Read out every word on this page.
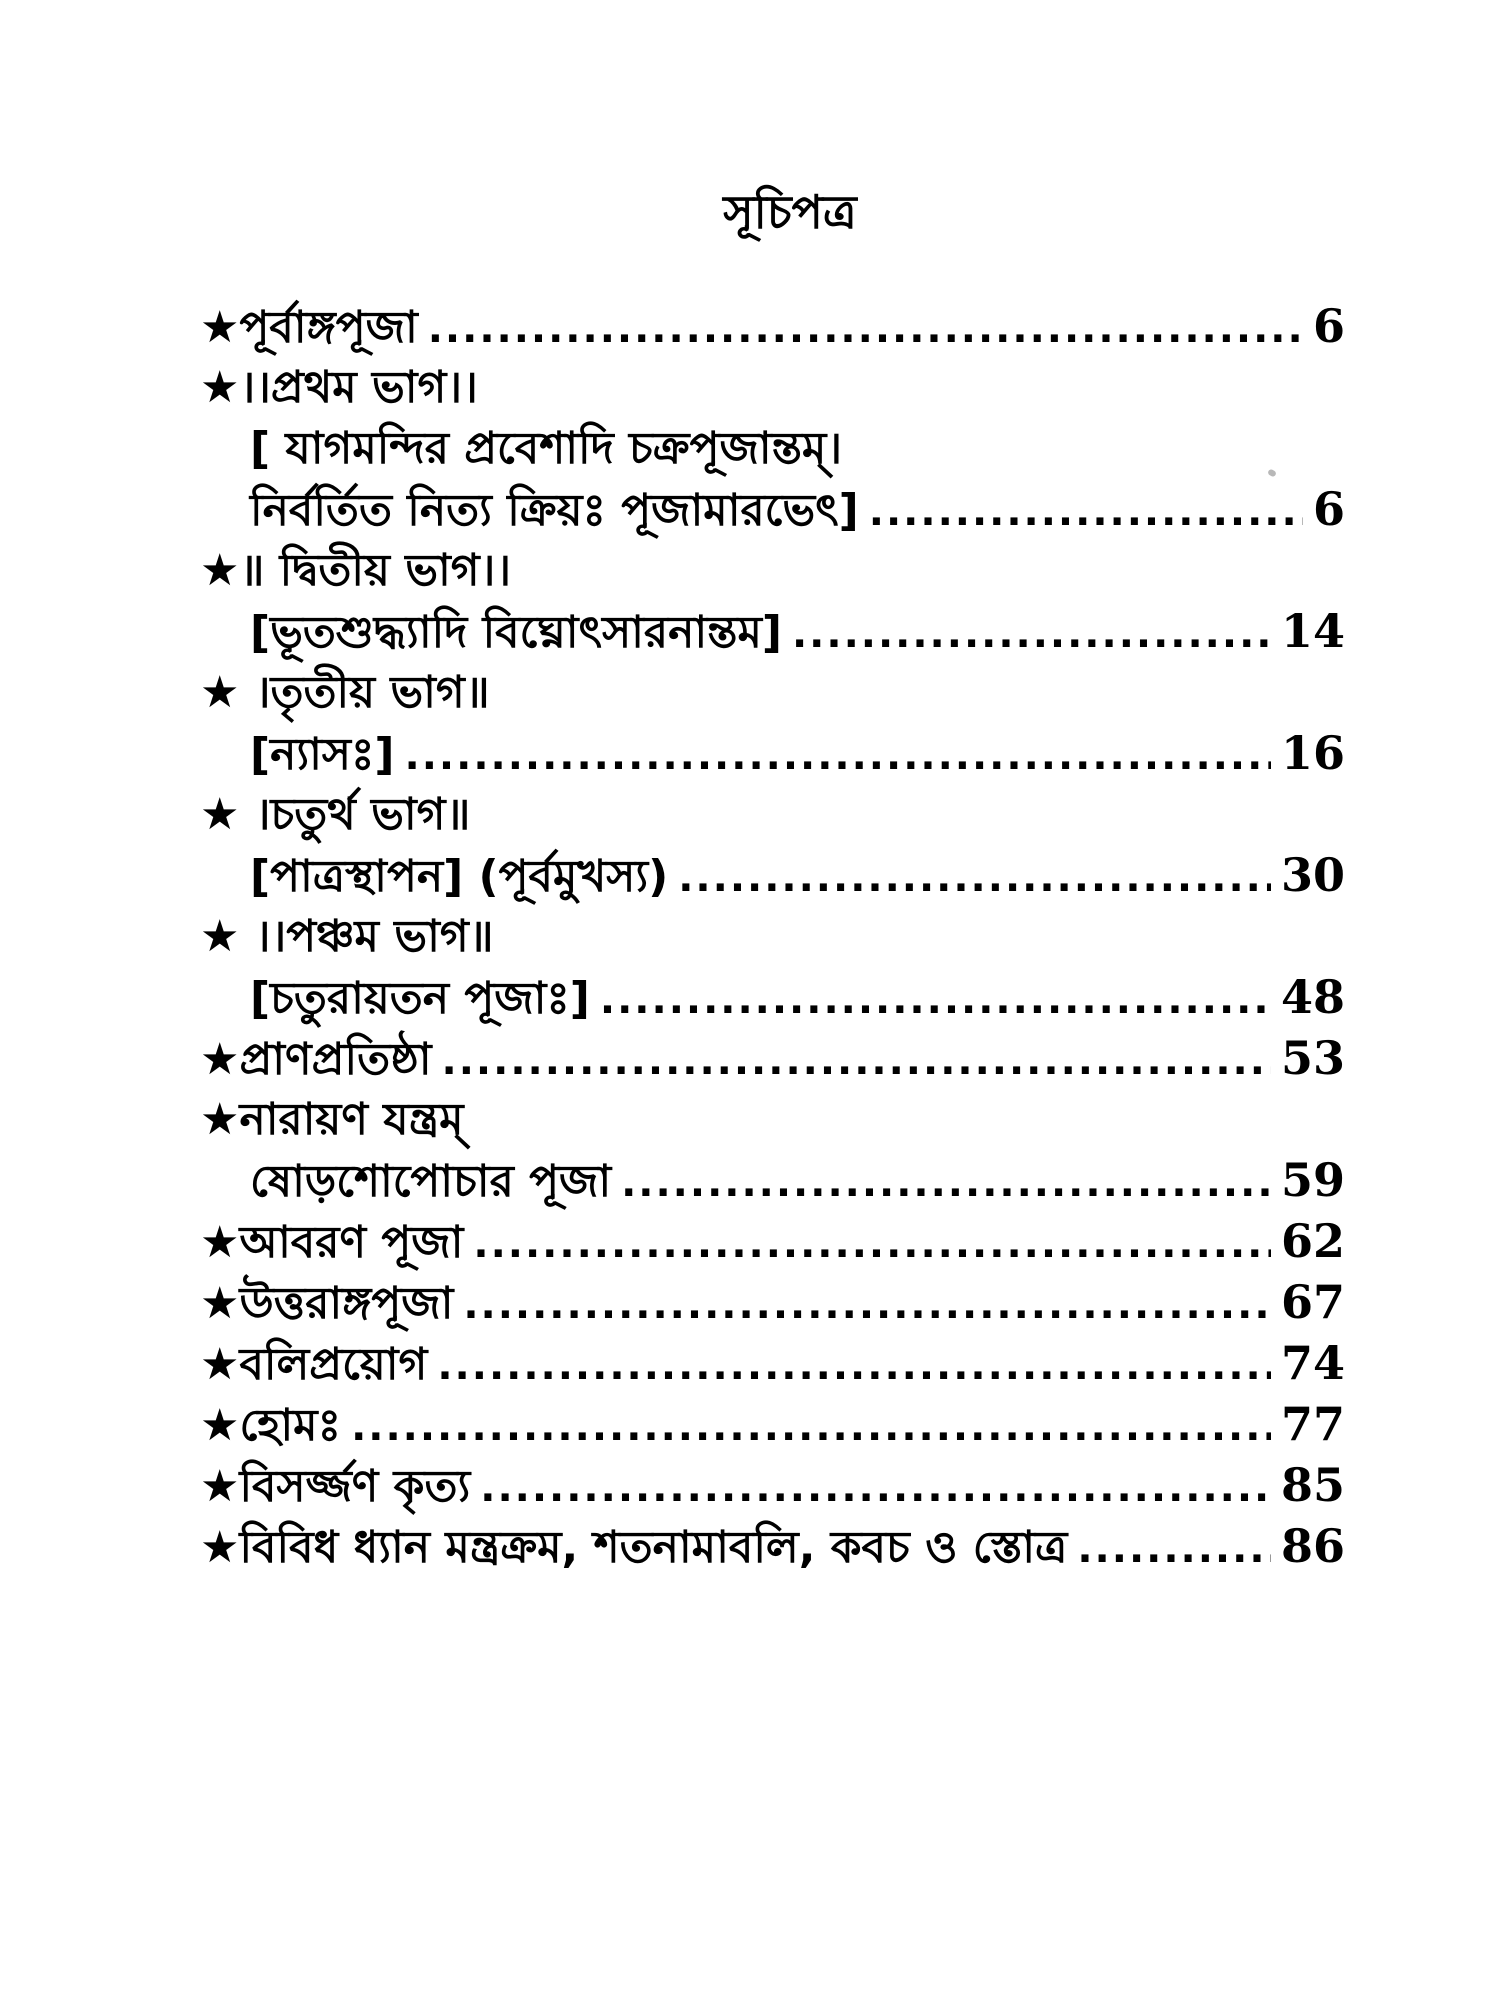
সূচিপত্র
★পূর্বাঙ্গপূজা .....	6
★।।প্রথম ভাগ।।
[ যাগমন্দির প্রবেশাদি চক্রপূজান্তম্।
নির্বর্তিত নিত্য ক্রিয়ঃ পূজামারভেৎ] .....	6
★॥ দ্বিতীয় ভাগ।।
[ভূতশুদ্ধ্যাদি বিঘ্নোৎসারনান্তম] .....	14
★ ।তৃতীয় ভাগ॥
[ন্যাসঃ] .....	16
★ ।চতুর্থ ভাগ॥
[পাত্রস্থাপন] (পূর্বমুখস্য) .....	30
★ ।।পঞ্চম ভাগ॥
[চতুরায়তন পূজাঃ] .....	48
★প্রাণপ্রতিষ্ঠা .....	53
★নারায়ণ যন্ত্রম্
ষোড়শোপোচার পূজা .....	59
★আবরণ পূজা .....	62
★উত্তরাঙ্গপূজা .....	67
★বলিপ্রয়োগ .....	74
★হোমঃ .....	77
★বিসর্জ্জণ কৃত্য .....	85
★বিবিধ ধ্যান মন্ত্রক্রম, শতনামাবলি, কবচ ও স্তোত্র .....	86
